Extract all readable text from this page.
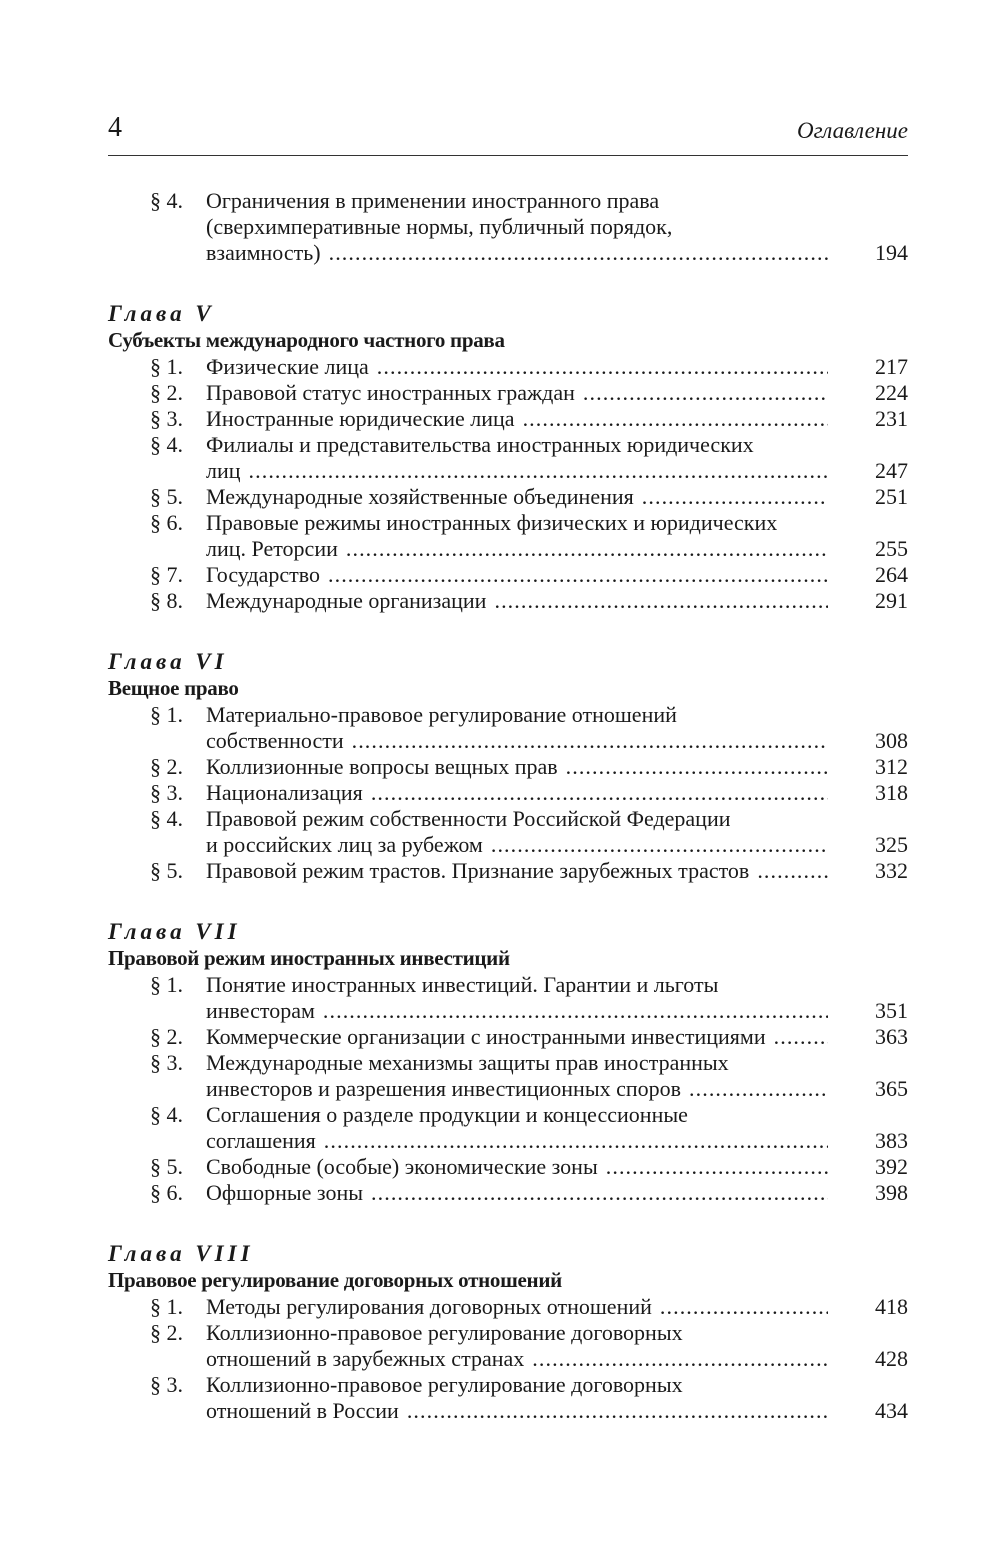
4	Оглавление
§ 4.	Ограничения в применении иностранного права
(сверхимперативные нормы, публичный порядок,
взаимность) . . .	194
Глава V
Субъекты международного частного права
§ 1.	Физические лица . . .	217
§ 2.	Правовой статус иностранных граждан . . .	224
§ 3.	Иностранные юридические лица . . .	231
§ 4.	Филиалы и представительства иностранных юридических
лиц . . .	247
§ 5.	Международные хозяйственные объединения . . .	251
§ 6.	Правовые режимы иностранных физических и юридических
лиц. Реторсии . . .	255
§ 7.	Государство . . .	264
§ 8.	Международные организации . . .	291
Глава VI
Вещное право
§ 1.	Материально-правовое регулирование отношений
собственности . . .	308
§ 2.	Коллизионные вопросы вещных прав . . .	312
§ 3.	Национализация . . .	318
§ 4.	Правовой режим собственности Российской Федерации
и российских лиц за рубежом . . .	325
§ 5.	Правовой режим трастов. Признание зарубежных трастов . . .	332
Глава VII
Правовой режим иностранных инвестиций
§ 1.	Понятие иностранных инвестиций. Гарантии и льготы
инвесторам . . .	351
§ 2.	Коммерческие организации с иностранными инвестициями . . .	363
§ 3.	Международные механизмы защиты прав иностранных
инвесторов и разрешения инвестиционных споров . . .	365
§ 4.	Соглашения о разделе продукции и концессионные
соглашения . . .	383
§ 5.	Свободные (особые) экономические зоны . . .	392
§ 6.	Офшорные зоны . . .	398
Глава VIII
Правовое регулирование договорных отношений
§ 1.	Методы регулирования договорных отношений . . .	418
§ 2.	Коллизионно-правовое регулирование договорных
отношений в зарубежных странах . . .	428
§ 3.	Коллизионно-правовое регулирование договорных
отношений в России . . .	434
